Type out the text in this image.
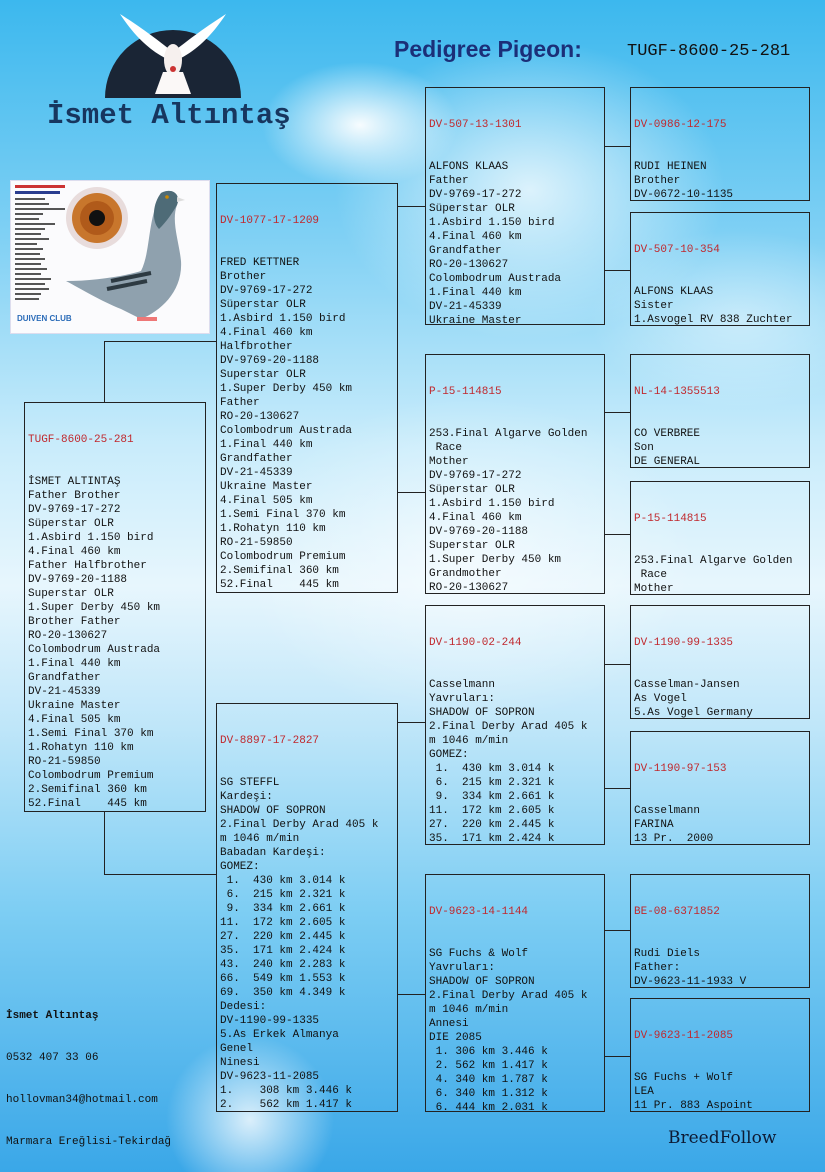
İsmet Altıntaş
Pedigree Pigeon:	TUGF-8600-25-281
DUIVEN CLUB

TUGF-8600-25-281

İSMET ALTINTAŞ
Father Brother
DV-9769-17-272
Süperstar OLR
1.Asbird 1.150 bird
4.Final 460 km
Father Halfbrother
DV-9769-20-1188
Superstar OLR
1.Super Derby 450 km
Brother Father
RO-20-130627
Colombodrum Austrada
1.Final 440 km
Grandfather
DV-21-45339
Ukraine Master
4.Final 505 km
1.Semi Final 370 km
1.Rohatyn 110 km
RO-21-59850
Colombodrum Premium
2.Semifinal 360 km
52.Final    445 km

DV-1077-17-1209

FRED KETTNER
Brother
DV-9769-17-272
Süperstar OLR
1.Asbird 1.150 bird
4.Final 460 km
Halfbrother
DV-9769-20-1188
Superstar OLR
1.Super Derby 450 km
Father
RO-20-130627
Colombodrum Austrada
1.Final 440 km
Grandfather
DV-21-45339
Ukraine Master
4.Final 505 km
1.Semi Final 370 km
1.Rohatyn 110 km
RO-21-59850
Colombodrum Premium
2.Semifinal 360 km
52.Final    445 km

DV-8897-17-2827

SG STEFFL
Kardeşi:
SHADOW OF SOPRON
2.Final Derby Arad 405 k
m 1046 m/min
Babadan Kardeşi:
GOMEZ:
1.  430 km 3.014 k
6.  215 km 2.321 k
9.  334 km 2.661 k
11.  172 km 2.605 k
27.  220 km 2.445 k
35.  171 km 2.424 k
43.  240 km 2.283 k
66.  549 km 1.553 k
69.  350 km 4.349 k
Dedesi:
DV-1190-99-1335
5.As Erkek Almanya
Genel
Ninesi
DV-9623-11-2085
1.    308 km 3.446 k
2.    562 km 1.417 k

DV-507-13-1301

ALFONS KLAAS
Father
DV-9769-17-272
Süperstar OLR
1.Asbird 1.150 bird
4.Final 460 km
Grandfather
RO-20-130627
Colombodrum Austrada
1.Final 440 km
DV-21-45339
Ukraine Master

P-15-114815

253.Final Algarve Golden
Race
Mother
DV-9769-17-272
Süperstar OLR
1.Asbird 1.150 bird
4.Final 460 km
DV-9769-20-1188
Superstar OLR
1.Super Derby 450 km
Grandmother
RO-20-130627

DV-1190-02-244

Casselmann
Yavruları:
SHADOW OF SOPRON
2.Final Derby Arad 405 k
m 1046 m/min
GOMEZ:
1.  430 km 3.014 k
6.  215 km 2.321 k
9.  334 km 2.661 k
11.  172 km 2.605 k
27.  220 km 2.445 k
35.  171 km 2.424 k

DV-9623-14-1144

SG Fuchs & Wolf
Yavruları:
SHADOW OF SOPRON
2.Final Derby Arad 405 k
m 1046 m/min
Annesi
DIE 2085
1. 306 km 3.446 k
2. 562 km 1.417 k
4. 340 km 1.787 k
6. 340 km 1.312 k
6. 444 km 2.031 k

DV-0986-12-175

RUDI HEINEN
Brother
DV-0672-10-1135

DV-507-10-354

ALFONS KLAAS
Sister
1.Asvogel RV 838 Zuchter

NL-14-1355513

CO VERBREE
Son
DE GENERAL

P-15-114815

253.Final Algarve Golden
Race
Mother

DV-1190-99-1335

Casselman-Jansen
As Vogel
5.As Vogel Germany

DV-1190-97-153

Casselmann
FARINA
13 Pr.  2000

BE-08-6371852

Rudi Diels
Father:
DV-9623-11-1933 V

DV-9623-11-2085

SG Fuchs + Wolf
LEA
11 Pr. 883 Aspoint

İsmet Altıntaş

0532 407 33 06

hollovman34@hotmail.com

Marmara Ereğlisi-Tekirdağ	BreedFollow
